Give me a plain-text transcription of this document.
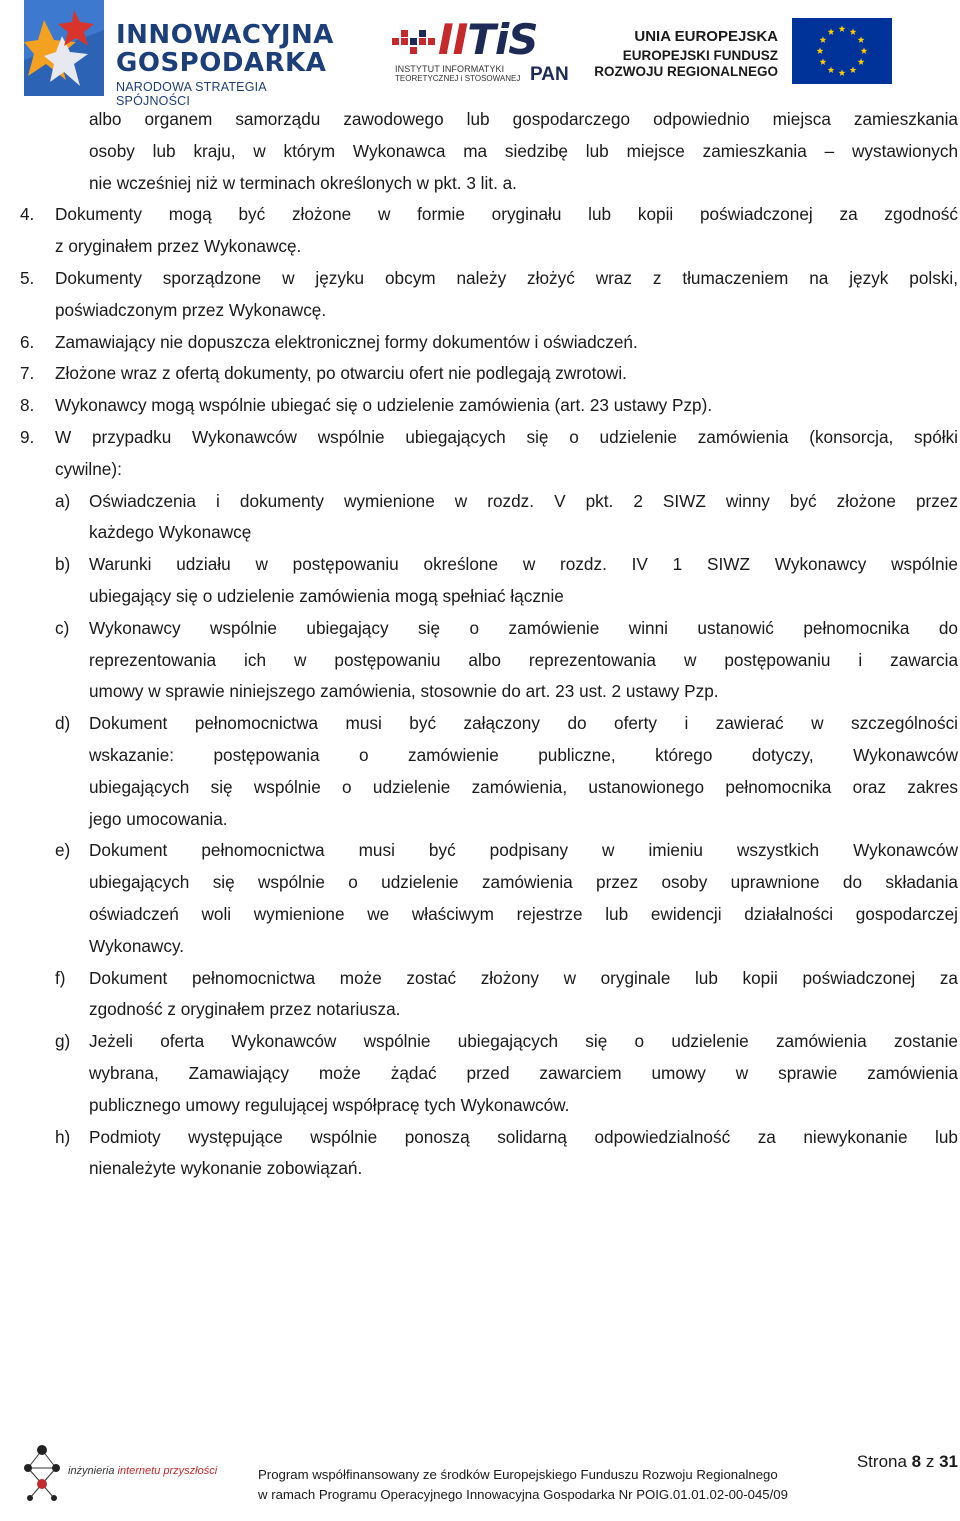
INNOWACYJNA
GOSPODARKA
NARODOWA STRATEGIA SPÓJNOŚCI
IITiS
INSTYTUT INFORMATYKI
TEORETYCZNEJ i STOSOWANEJ PAN
UNIA EUROPEJSKA
EUROPEJSKI FUNDUSZ
ROZWOJU REGIONALNEGO
albo organem samorządu zawodowego lub gospodarczego odpowiednio miejsca zamieszkania
osoby lub kraju, w którym Wykonawca ma siedzibę lub miejsce zamieszkania – wystawionych
nie wcześniej niż w terminach określonych w pkt. 3 lit. a.
4. Dokumenty mogą być złożone w formie oryginału lub kopii poświadczonej za zgodność
z oryginałem przez Wykonawcę.
5. Dokumenty sporządzone w języku obcym należy złożyć wraz z tłumaczeniem na język polski,
poświadczonym przez Wykonawcę.
6. Zamawiający nie dopuszcza elektronicznej formy dokumentów i oświadczeń.
7. Złożone wraz z ofertą dokumenty, po otwarciu ofert nie podlegają zwrotowi.
8. Wykonawcy mogą wspólnie ubiegać się o udzielenie zamówienia (art. 23 ustawy Pzp).
9. W przypadku Wykonawców wspólnie ubiegających się o udzielenie zamówienia (konsorcja, spółki
cywilne):
a) Oświadczenia i dokumenty wymienione w rozdz. V pkt. 2 SIWZ winny być złożone przez
każdego Wykonawcę
b) Warunki udziału w postępowaniu określone w rozdz. IV 1 SIWZ Wykonawcy wspólnie
ubiegający się o udzielenie zamówienia mogą spełniać łącznie
c) Wykonawcy wspólnie ubiegający się o zamówienie winni ustanowić pełnomocnika do
reprezentowania ich w postępowaniu albo reprezentowania w postępowaniu i zawarcia
umowy w sprawie niniejszego zamówienia, stosownie do art. 23 ust. 2 ustawy Pzp.
d) Dokument pełnomocnictwa musi być załączony do oferty i zawierać w szczególności
wskazanie: postępowania o zamówienie publiczne, którego dotyczy, Wykonawców
ubiegających się wspólnie o udzielenie zamówienia, ustanowionego pełnomocnika oraz zakres
jego umocowania.
e) Dokument pełnomocnictwa musi być podpisany w imieniu wszystkich Wykonawców
ubiegających się wspólnie o udzielenie zamówienia przez osoby uprawnione do składania
oświadczeń woli wymienione we właściwym rejestrze lub ewidencji działalności gospodarczej
Wykonawcy.
f) Dokument pełnomocnictwa może zostać złożony w oryginale lub kopii poświadczonej za
zgodność z oryginałem przez notariusza.
g) Jeżeli oferta Wykonawców wspólnie ubiegających się o udzielenie zamówienia zostanie
wybrana, Zamawiający może żądać przed zawarciem umowy w sprawie zamówienia
publicznego umowy regulującej współpracę tych Wykonawców.
h) Podmioty występujące wspólnie ponoszą solidarną odpowiedzialność za niewykonanie lub
nienależyte wykonanie zobowiązań.
inżynieria internetu przyszłości	Program współfinansowany ze środków Europejskiego Funduszu Rozwoju Regionalnego
w ramach Programu Operacyjnego Innowacyjna Gospodarka Nr POIG.01.01.02-00-045/09
Strona 8 z 31
